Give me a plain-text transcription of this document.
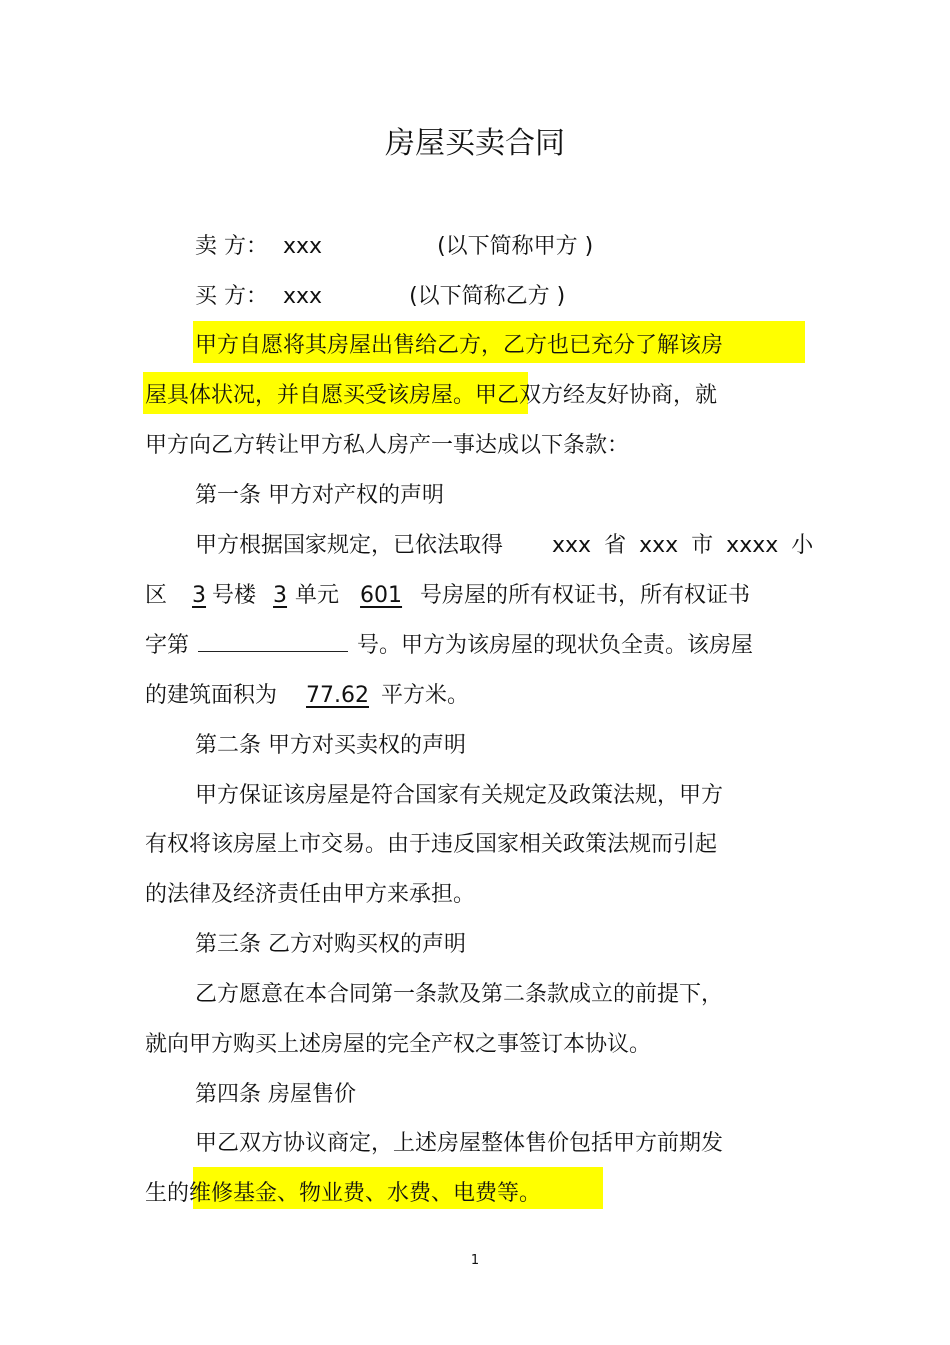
房屋买卖合同
卖 方： xxx	(以下简称甲方 )
买 方： xxx	(以下简称乙方 )
甲方自愿将其房屋出售给乙方，乙方也已充分了解该房
屋具体状况，并自愿买受该房屋。甲乙双方经友好协商，就
甲方向乙方转让甲方私人房产一事达成以下条款：
第一条 甲方对产权的声明
甲方根据国家规定，已依法取得 xxx 省 xxx 市 xxxx 小
区 3 号楼 3 单元 601 号房屋的所有权证书，所有权证书
字第	号。甲方为该房屋的现状负全责。该房屋
的建筑面积为 77.62 平方米。
第二条 甲方对买卖权的声明
甲方保证该房屋是符合国家有关规定及政策法规，甲方
有权将该房屋上市交易。由于违反国家相关政策法规而引起
的法律及经济责任由甲方来承担。
第三条 乙方对购买权的声明
乙方愿意在本合同第一条款及第二条款成立的前提下，
就向甲方购买上述房屋的完全产权之事签订本协议。
第四条 房屋售价
甲乙双方协议商定，上述房屋整体售价包括甲方前期发
生的维修基金、物业费、水费、电费等。
1
